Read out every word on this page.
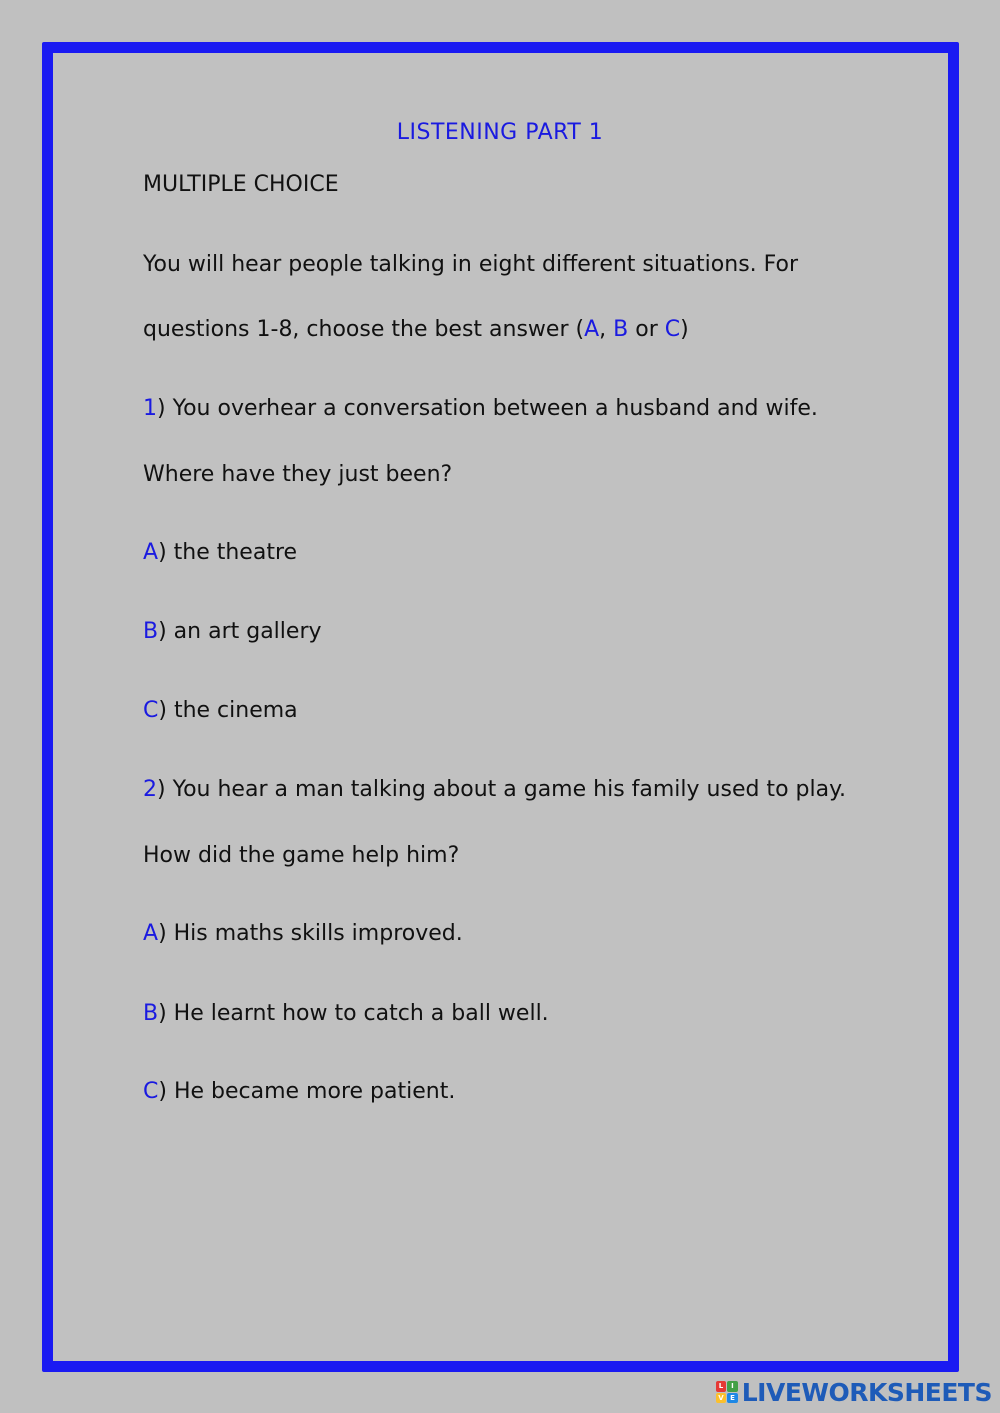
LISTENING PART 1
MULTIPLE CHOICE
You will hear people talking in eight different situations. For
questions 1-8, choose the best answer (A, B or C)
1) You overhear a conversation between a husband and wife.
Where have they just been?
A) the theatre
B) an art gallery
C) the cinema
2) You hear a man talking about a game his family used to play.
How did the game help him?
A) His maths skills improved.
B) He learnt how to catch a ball well.
C) He became more patient.
L	I
V E LIVEWORKSHEETS
